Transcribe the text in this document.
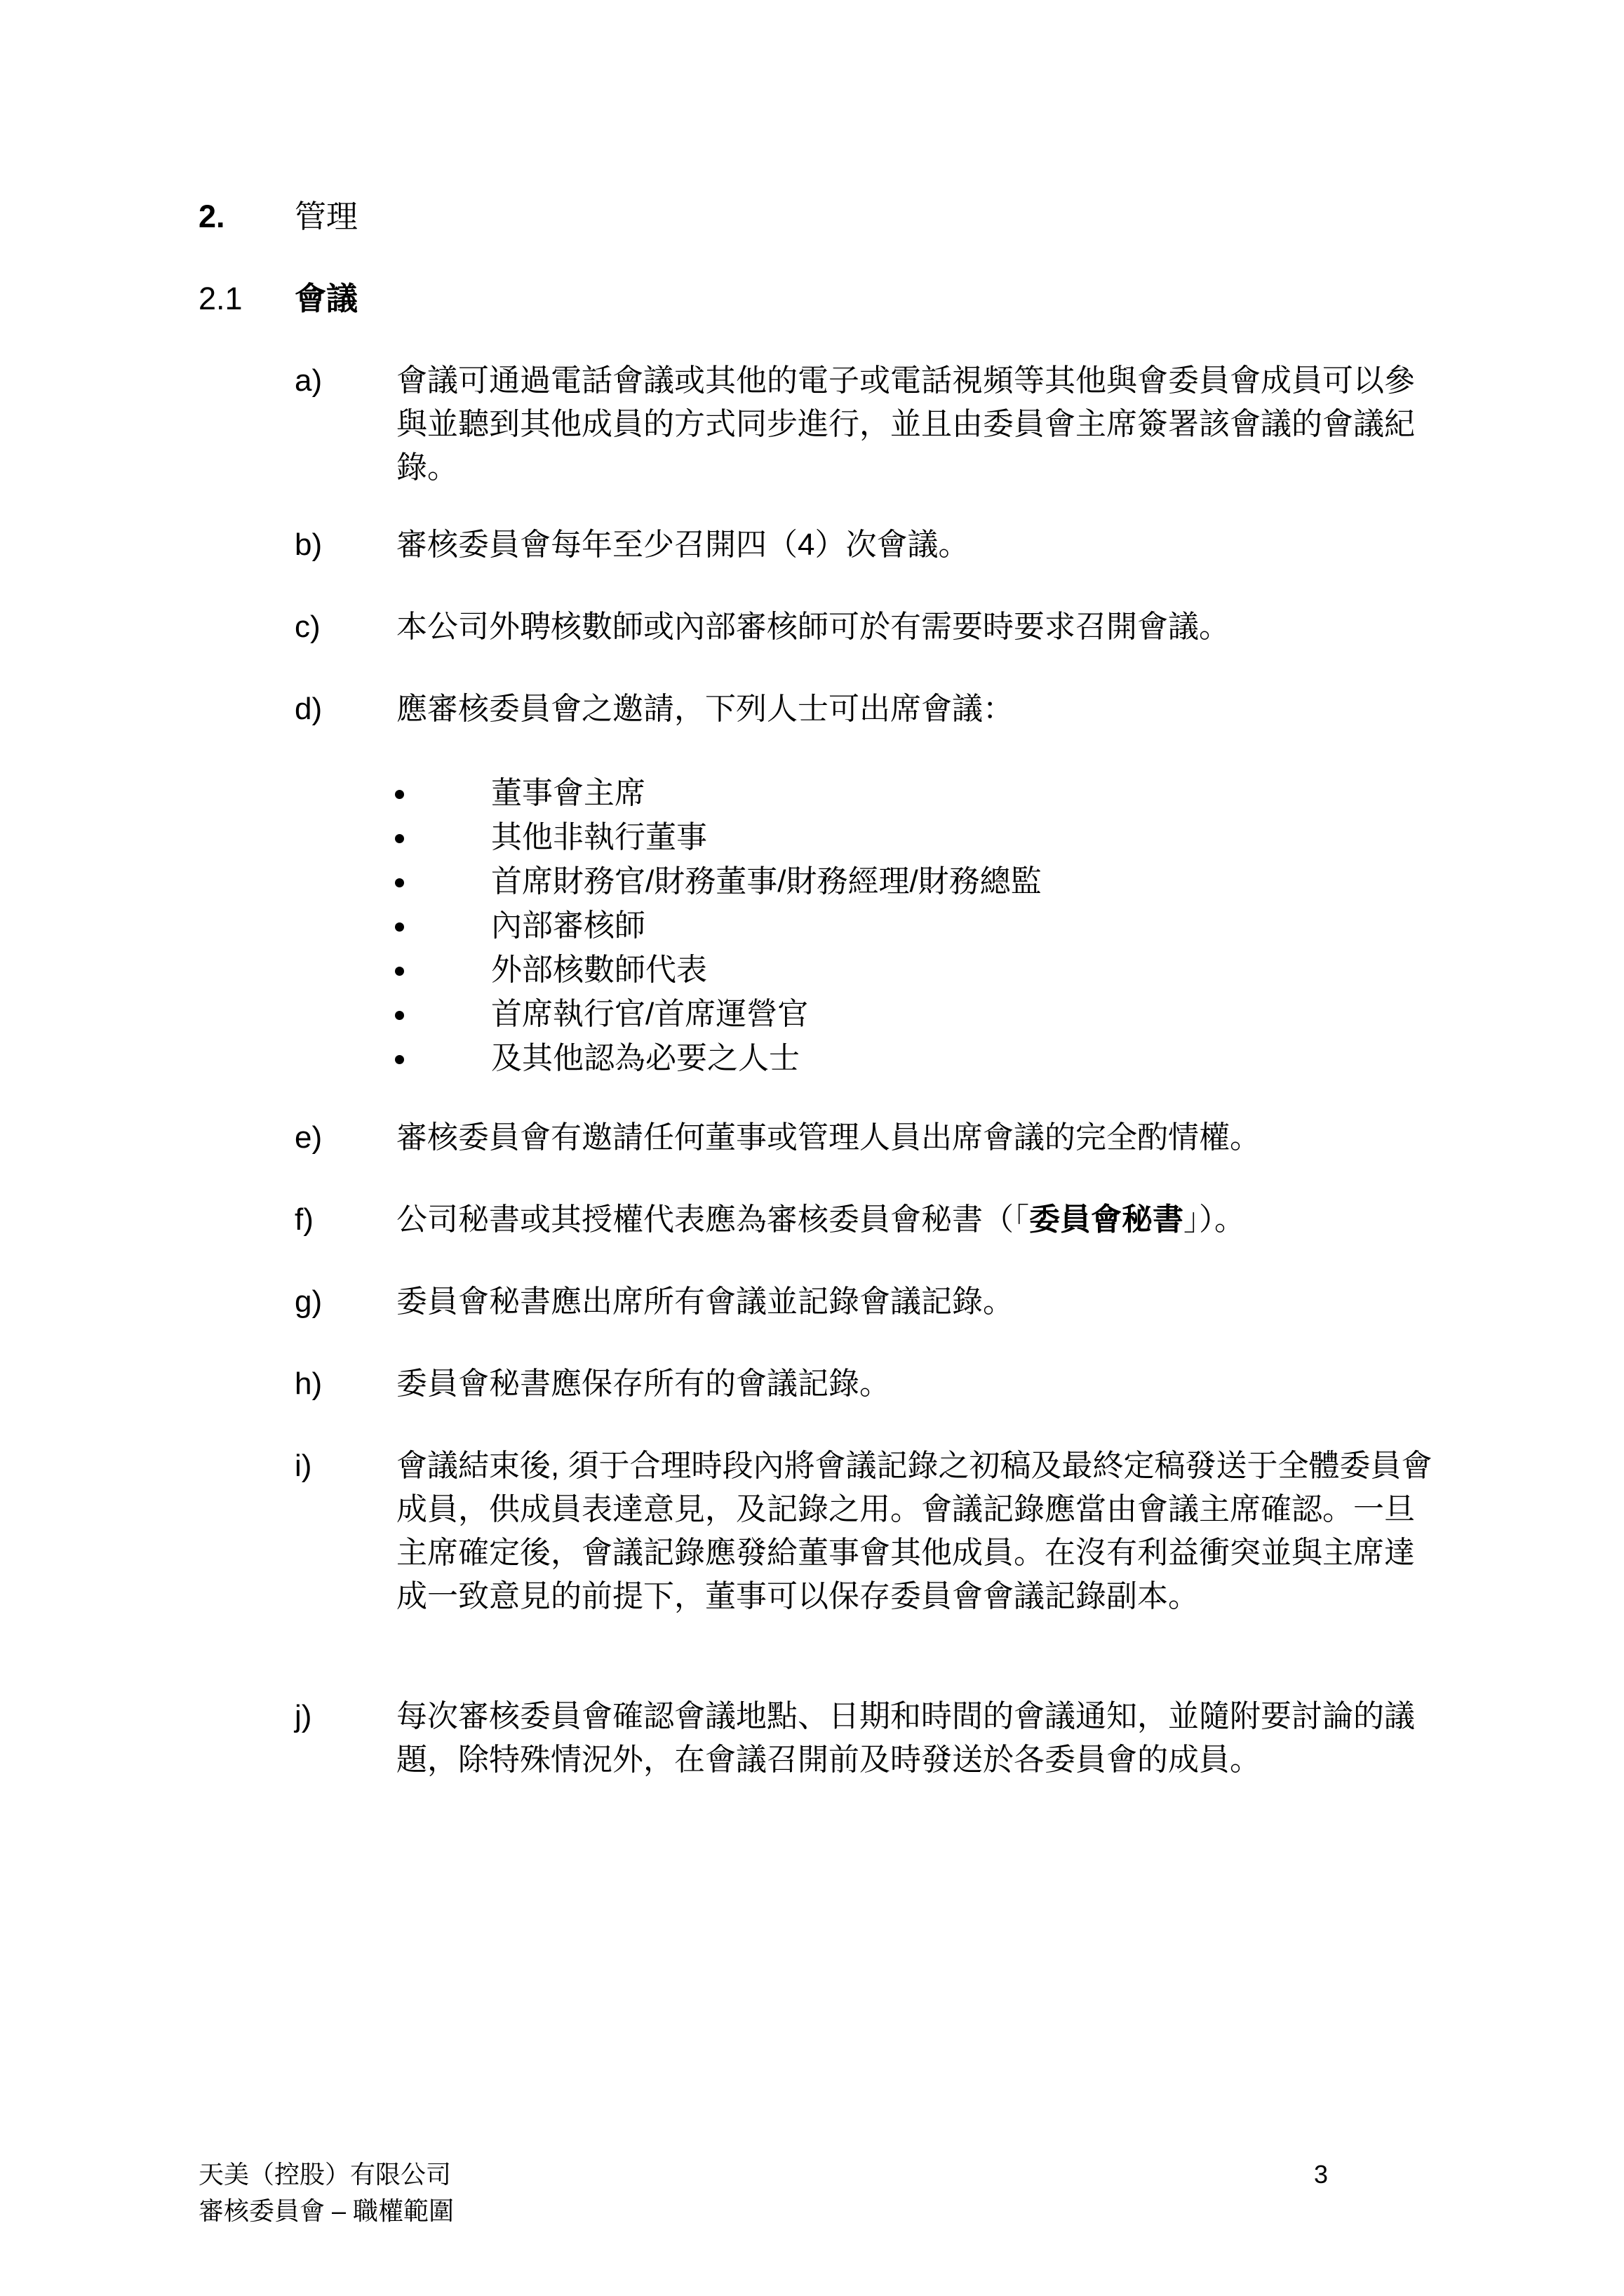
2. 管理
2.1 會議
a) 會議可通過電話會議或其他的電子或電話視頻等其他與會委員會成員可以參與並聽到其他成員的方式同步進行，並且由委員會主席簽署該會議的會議紀錄。
b) 審核委員會每年至少召開四（4）次會議。
c) 本公司外聘核數師或內部審核師可於有需要時要求召開會議。
d) 應審核委員會之邀請，下列人士可出席會議：
董事會主席
其他非執行董事
首席財務官/財務董事/財務經理/財務總監
內部審核師
外部核數師代表
首席執行官/首席運營官
及其他認為必要之人士
e) 審核委員會有邀請任何董事或管理人員出席會議的完全酌情權。
f)	公司秘書或其授權代表應為審核委員會秘書（「委員會秘書」）。
g) 委員會秘書應出席所有會議並記錄會議記錄。
h) 委員會秘書應保存所有的會議記錄。
i)	會議結束後, 須于合理時段內將會議記錄之初稿及最終定稿發送于全體委員會成員，供成員表達意見，及記錄之用。會議記錄應當由會議主席確認。一旦主席確定後，會議記錄應發給董事會其他成員。在沒有利益衝突並與主席達成一致意見的前提下，董事可以保存委員會會議記錄副本。
j)	每次審核委員會確認會議地點、日期和時間的會議通知，並隨附要討論的議題，除特殊情況外，在會議召開前及時發送於各委員會的成員。
天美（控股）有限公司
審核委員會 – 職權範圍
3
